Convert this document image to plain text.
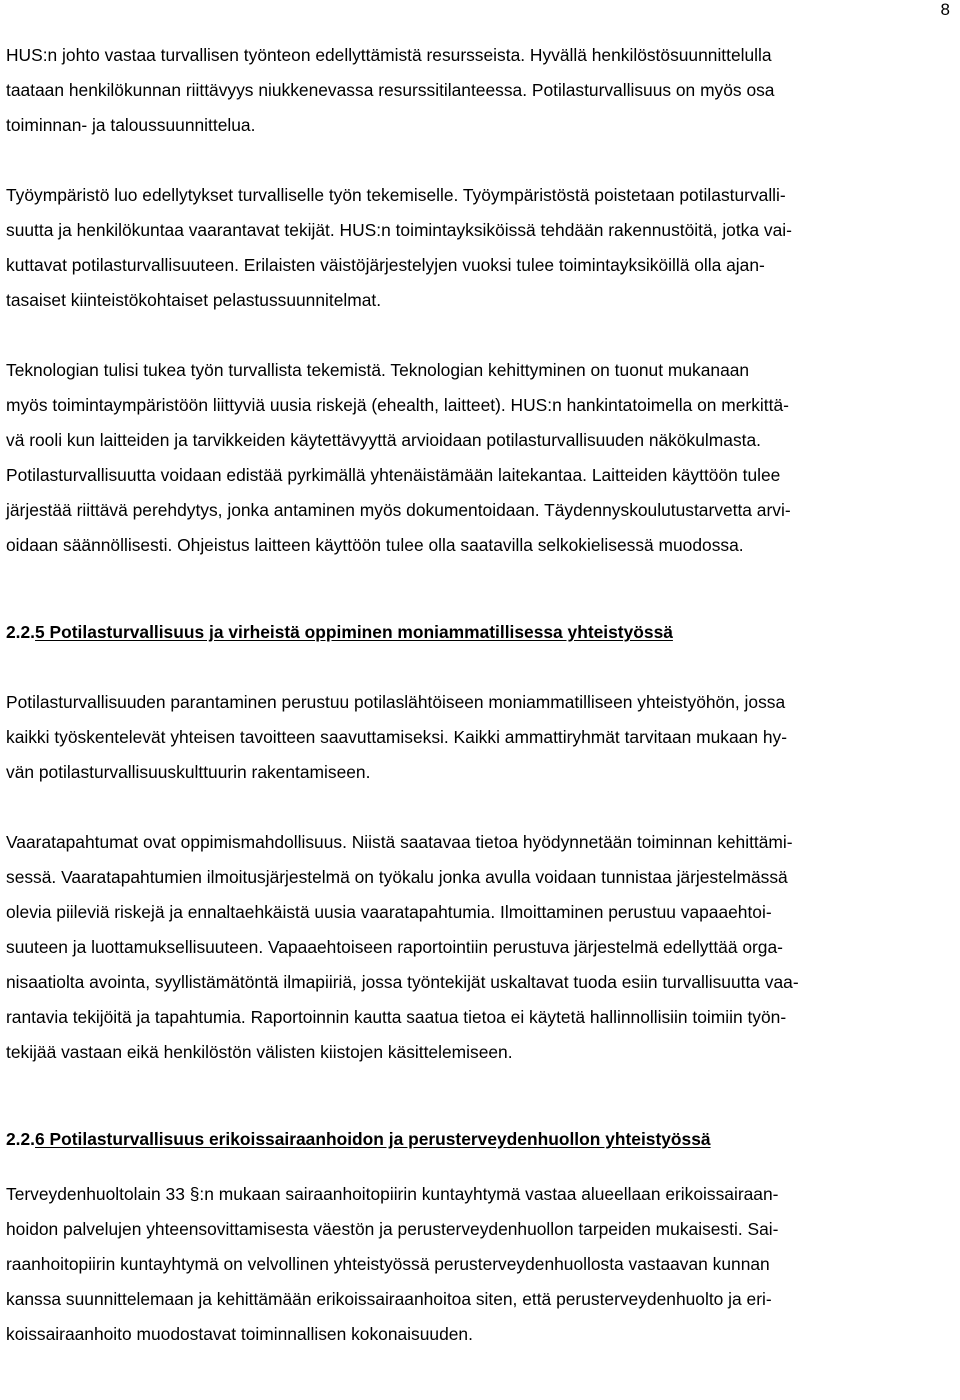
8
HUS:n johto vastaa turvallisen työnteon edellyttämistä resursseista. Hyvällä henkilöstösuunnittelulla
taataan henkilökunnan riittävyys niukkenevassa resurssitilanteessa. Potilasturvallisuus on myös osa
toiminnan- ja taloussuunnittelua.
Työympäristö luo edellytykset turvalliselle työn tekemiselle. Työympäristöstä poistetaan potilasturvalli-
suutta ja henkilökuntaa vaarantavat tekijät. HUS:n toimintayksiköissä tehdään rakennustöitä, jotka vai-
kuttavat potilasturvallisuuteen. Erilaisten väistöjärjestelyjen vuoksi tulee toimintayksiköillä olla ajan-
tasaiset kiinteistökohtaiset pelastussuunnitelmat.
Teknologian tulisi tukea työn turvallista tekemistä. Teknologian kehittyminen on tuonut mukanaan
myös toimintaympäristöön liittyviä uusia riskejä (ehealth, laitteet). HUS:n hankintatoimella on merkittä-
vä rooli kun laitteiden ja tarvikkeiden käytettävyyttä arvioidaan potilasturvallisuuden näkökulmasta.
Potilasturvallisuutta voidaan edistää pyrkimällä yhtenäistämään laitekantaa. Laitteiden käyttöön tulee
järjestää riittävä perehdytys, jonka antaminen myös dokumentoidaan. Täydennyskoulutustarvetta arvi-
oidaan säännöllisesti. Ohjeistus laitteen käyttöön tulee olla saatavilla selkokielisessä muodossa.
2.2.5 Potilasturvallisuus ja virheistä oppiminen moniammatillisessa yhteistyössä
Potilasturvallisuuden parantaminen perustuu potilaslähtöiseen moniammatilliseen yhteistyöhön, jossa
kaikki työskentelevät yhteisen tavoitteen saavuttamiseksi. Kaikki ammattiryhmät tarvitaan mukaan hy-
vän potilasturvallisuuskulttuurin rakentamiseen.
Vaaratapahtumat ovat oppimismahdollisuus. Niistä saatavaa tietoa hyödynnetään toiminnan kehittämi-
sessä. Vaaratapahtumien ilmoitusjärjestelmä on työkalu jonka avulla voidaan tunnistaa järjestelmässä
olevia piileviä riskejä ja ennaltaehkäistä uusia vaaratapahtumia. Ilmoittaminen perustuu vapaaehtoi-
suuteen ja luottamuksellisuuteen. Vapaaehtoiseen raportointiin perustuva järjestelmä edellyttää orga-
nisaatiolta avointa, syyllistämätöntä ilmapiiriä, jossa työntekijät uskaltavat tuoda esiin turvallisuutta vaa-
rantavia tekijöitä ja tapahtumia. Raportoinnin kautta saatua tietoa ei käytetä hallinnollisiin toimiin työn-
tekijää vastaan eikä henkilöstön välisten kiistojen käsittelemiseen.
2.2.6 Potilasturvallisuus erikoissairaanhoidon ja perusterveydenhuollon yhteistyössä
Terveydenhuoltolain 33 §:n mukaan sairaanhoitopiirin kuntayhtymä vastaa alueellaan erikoissairaan-
hoidon palvelujen yhteensovittamisesta väestön ja perusterveydenhuollon tarpeiden mukaisesti. Sai-
raanhoitopiirin kuntayhtymä on velvollinen yhteistyössä perusterveydenhuollosta vastaavan kunnan
kanssa suunnittelemaan ja kehittämään erikoissairaanhoitoa siten, että perusterveydenhuolto ja eri-
koissairaanhoito muodostavat toiminnallisen kokonaisuuden.
